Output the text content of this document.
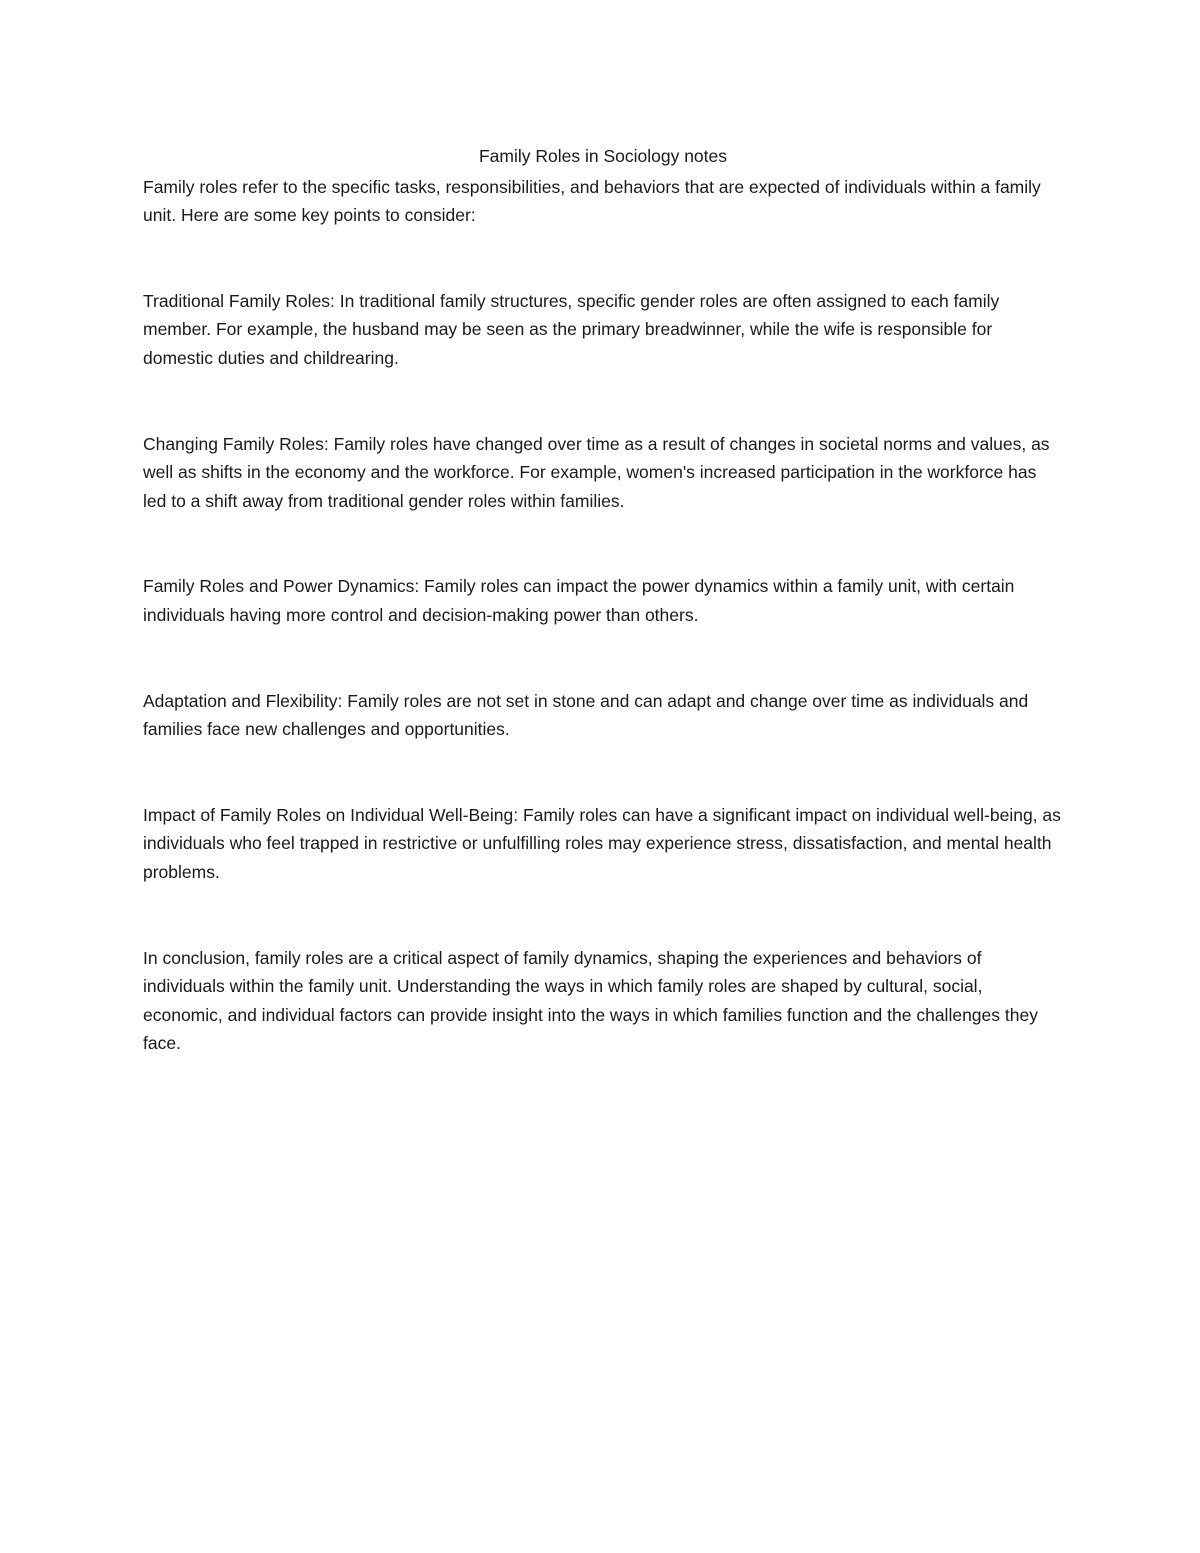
Family Roles in Sociology notes

Family roles refer to the specific tasks, responsibilities, and behaviors that are expected of individuals within a family unit. Here are some key points to consider:

Traditional Family Roles: In traditional family structures, specific gender roles are often assigned to each family member. For example, the husband may be seen as the primary breadwinner, while the wife is responsible for domestic duties and childrearing.

Changing Family Roles: Family roles have changed over time as a result of changes in societal norms and values, as well as shifts in the economy and the workforce. For example, women's increased participation in the workforce has led to a shift away from traditional gender roles within families.

Family Roles and Power Dynamics: Family roles can impact the power dynamics within a family unit, with certain individuals having more control and decision-making power than others.

Adaptation and Flexibility: Family roles are not set in stone and can adapt and change over time as individuals and families face new challenges and opportunities.

Impact of Family Roles on Individual Well-Being: Family roles can have a significant impact on individual well-being, as individuals who feel trapped in restrictive or unfulfilling roles may experience stress, dissatisfaction, and mental health problems.

In conclusion, family roles are a critical aspect of family dynamics, shaping the experiences and behaviors of individuals within the family unit. Understanding the ways in which family roles are shaped by cultural, social, economic, and individual factors can provide insight into the ways in which families function and the challenges they face.
